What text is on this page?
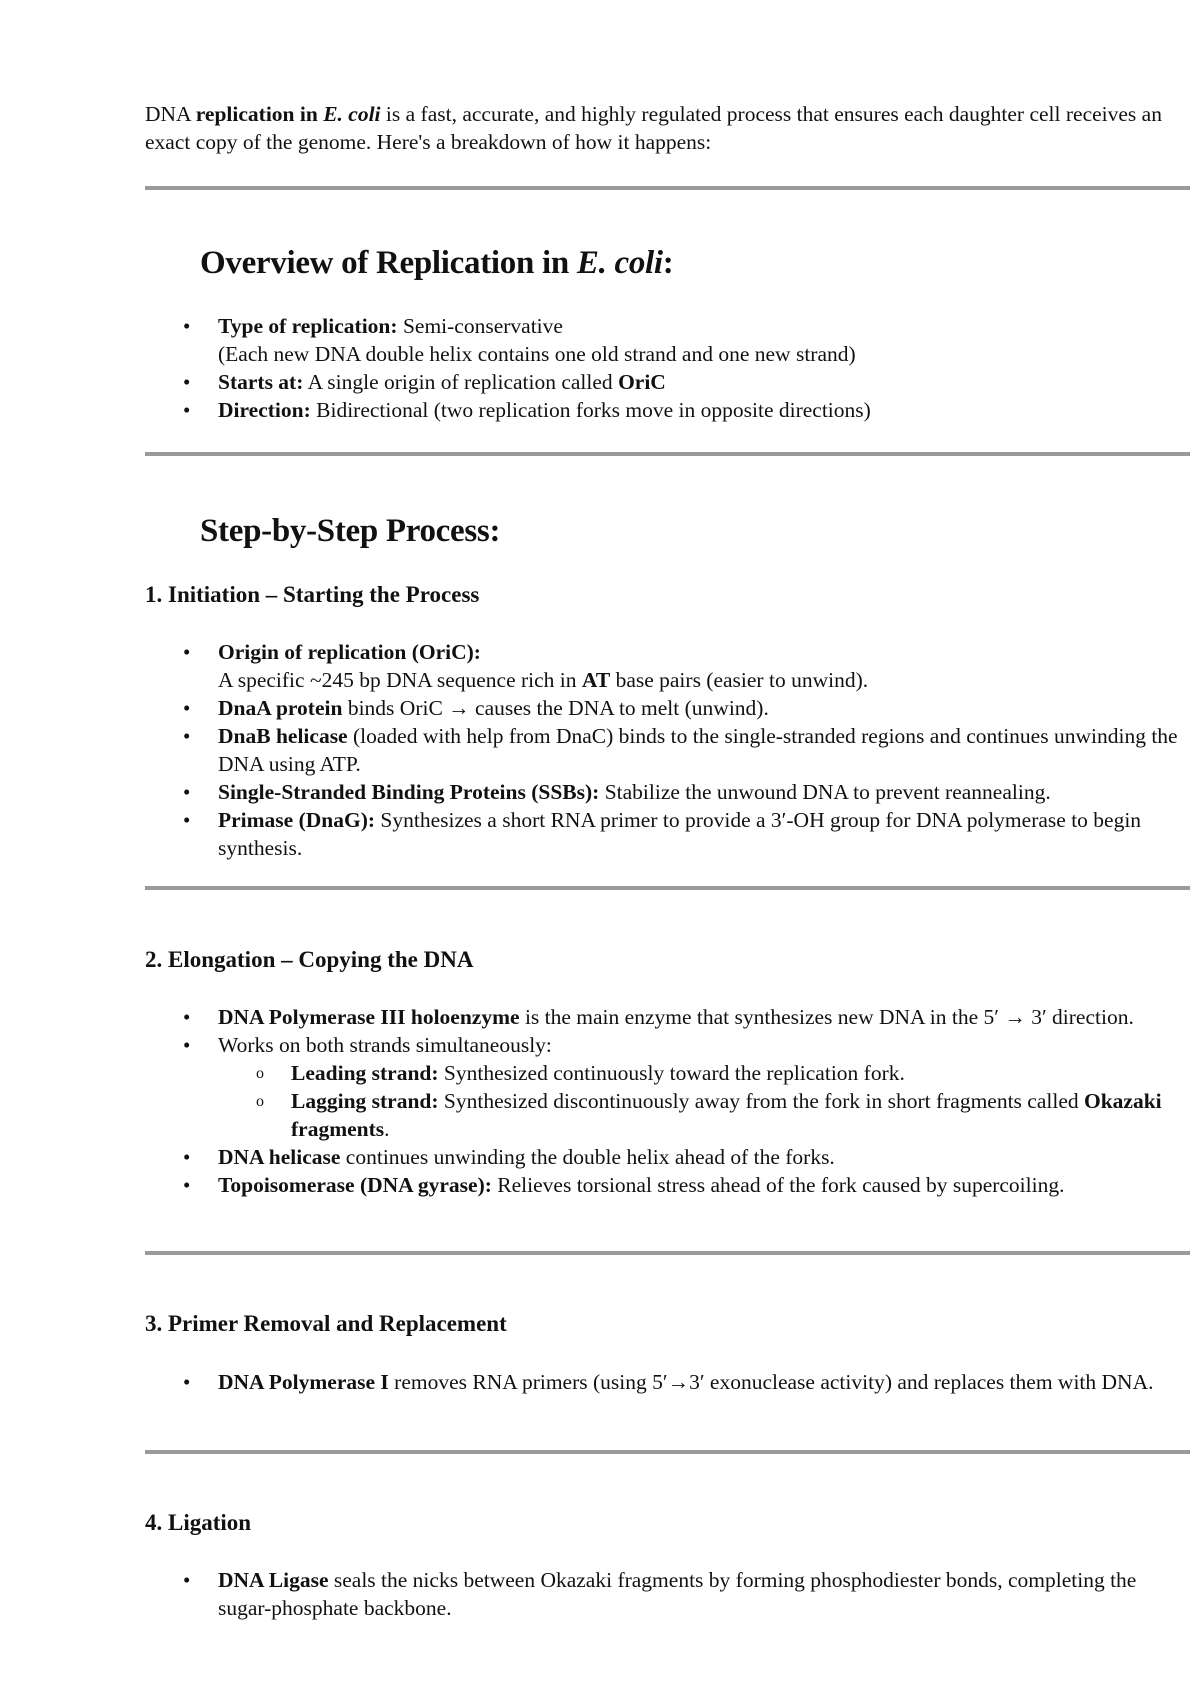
DNA replication in E. coli is a fast, accurate, and highly regulated process that ensures each daughter cell receives an exact copy of the genome. Here's a breakdown of how it happens:

Overview of Replication in E. coli:
• Type of replication: Semi-conservative
(Each new DNA double helix contains one old strand and one new strand)
• Starts at: A single origin of replication called OriC
• Direction: Bidirectional (two replication forks move in opposite directions)
Step-by-Step Process:
1. Initiation – Starting the Process
• Origin of replication (OriC):
A specific ~245 bp DNA sequence rich in AT base pairs (easier to unwind).
• DnaA protein binds OriC → causes the DNA to melt (unwind).
• DnaB helicase (loaded with help from DnaC) binds to the single-stranded regions and continues unwinding the DNA using ATP.
• Single-Stranded Binding Proteins (SSBs): Stabilize the unwound DNA to prevent reannealing.
• Primase (DnaG): Synthesizes a short RNA primer to provide a 3′-OH group for DNA polymerase to begin synthesis.
2. Elongation – Copying the DNA
• DNA Polymerase III holoenzyme is the main enzyme that synthesizes new DNA in the 5′ → 3′ direction.
• Works on both strands simultaneously:
o Leading strand: Synthesized continuously toward the replication fork.
o Lagging strand: Synthesized discontinuously away from the fork in short fragments called Okazaki fragments.
• DNA helicase continues unwinding the double helix ahead of the forks.
• Topoisomerase (DNA gyrase): Relieves torsional stress ahead of the fork caused by supercoiling.
3. Primer Removal and Replacement
• DNA Polymerase I removes RNA primers (using 5′→3′ exonuclease activity) and replaces them with DNA.
4. Ligation
• DNA Ligase seals the nicks between Okazaki fragments by forming phosphodiester bonds, completing the sugar-phosphate backbone.
